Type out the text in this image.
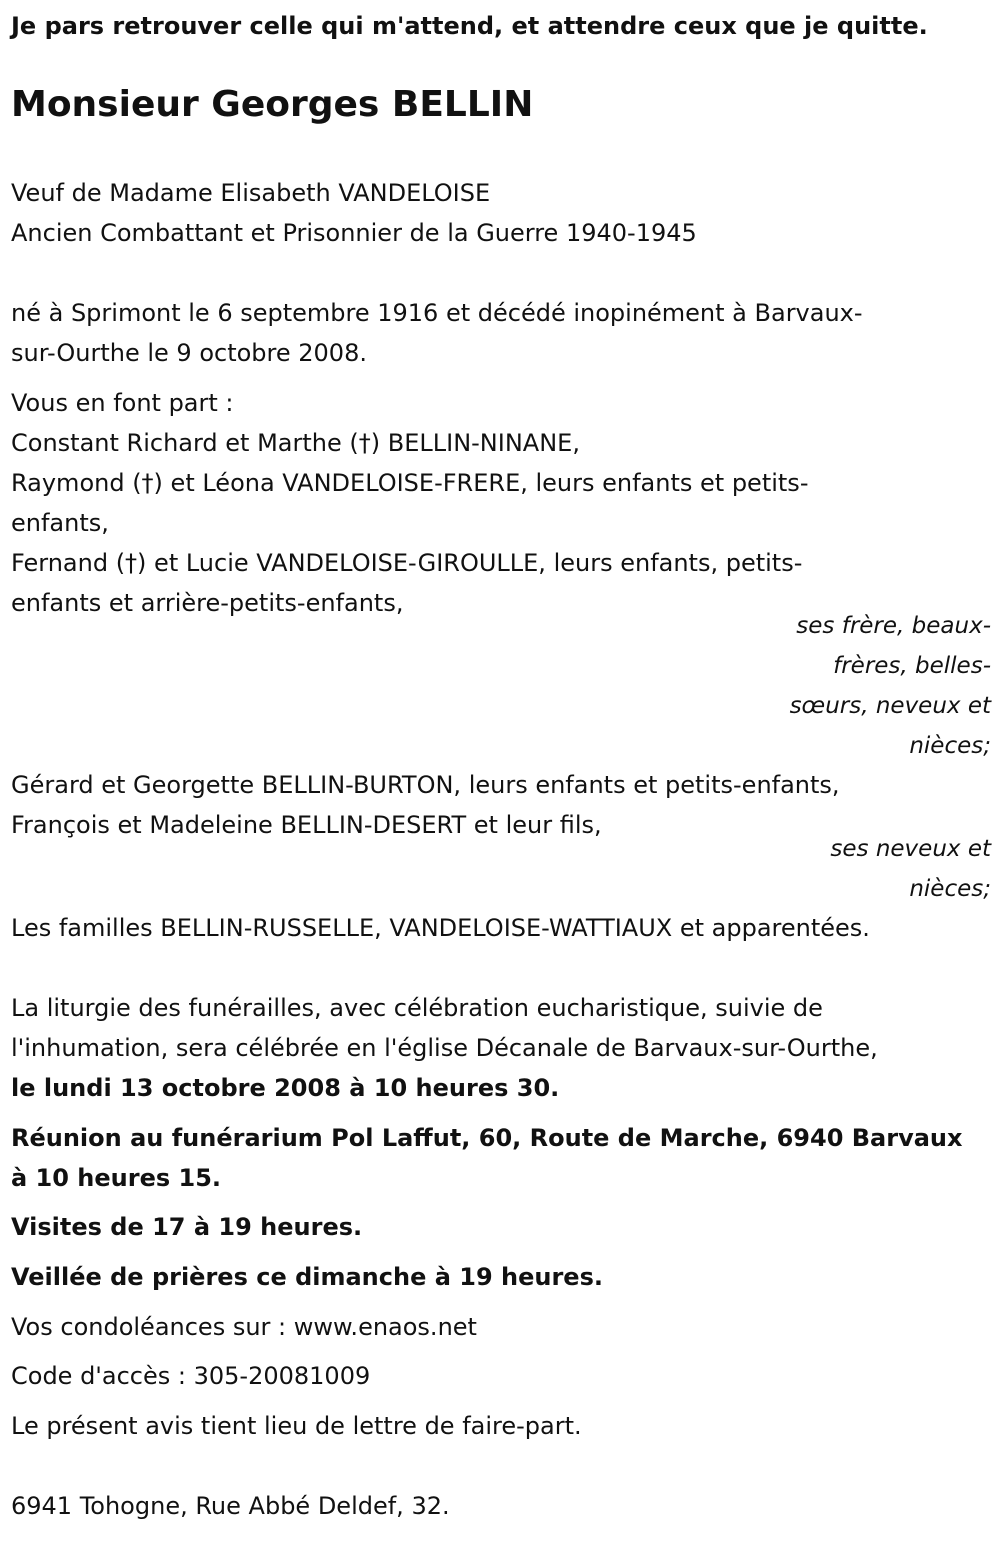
Je pars retrouver celle qui m'attend, et attendre ceux que je quitte.
Monsieur Georges BELLIN
Veuf de Madame Elisabeth VANDELOISE
Ancien Combattant et Prisonnier de la Guerre 1940-1945
né à Sprimont le 6 septembre 1916 et décédé inopinément à Barvaux-
sur-Ourthe le 9 octobre 2008.
Vous en font part :
Constant Richard et Marthe (†) BELLIN-NINANE,
Raymond (†) et Léona VANDELOISE-FRERE, leurs enfants et petits-
enfants,
Fernand (†) et Lucie VANDELOISE-GIROULLE, leurs enfants, petits-
enfants et arrière-petits-enfants,
ses frère, beaux-
frères, belles-
sœurs, neveux et
nièces;
Gérard et Georgette BELLIN-BURTON, leurs enfants et petits-enfants,
François et Madeleine BELLIN-DESERT et leur fils,
ses neveux et
nièces;
Les familles BELLIN-RUSSELLE, VANDELOISE-WATTIAUX et apparentées.
La liturgie des funérailles, avec célébration eucharistique, suivie de
l'inhumation, sera célébrée en l'église Décanale de Barvaux-sur-Ourthe,
le lundi 13 octobre 2008 à 10 heures 30.
Réunion au funérarium Pol Laffut, 60, Route de Marche, 6940 Barvaux
à 10 heures 15.
Visites de 17 à 19 heures.
Veillée de prières ce dimanche à 19 heures.
Vos condoléances sur : www.enaos.net
Code d'accès : 305-20081009
Le présent avis tient lieu de lettre de faire-part.
6941 Tohogne, Rue Abbé Deldef, 32.
